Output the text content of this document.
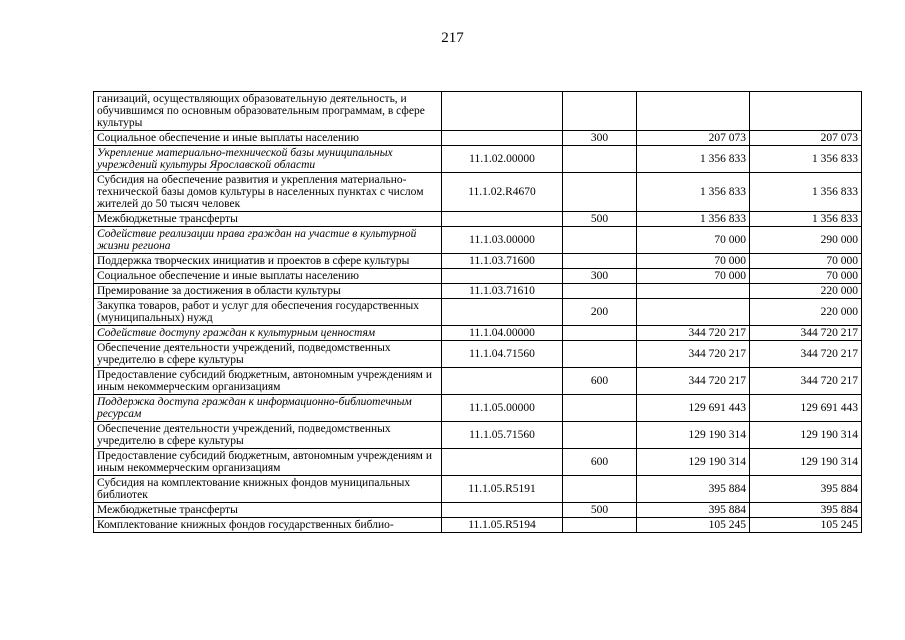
217
ганизаций, осуществляющих образовательную деятельность, и обучившимся по основным образовательным программам, в сфере культуры				
Социальное обеспечение и иные выплаты населению		300	207 073	207 073
Укрепление материально-технической базы муниципальных учреждений культуры Ярославской области	11.1.02.00000		1 356 833	1 356 833
Субсидия на обеспечение развития и укрепления материально-технической базы домов культуры в населенных пунктах с числом жителей до 50 тысяч человек	11.1.02.R4670		1 356 833	1 356 833
Межбюджетные трансферты		500	1 356 833	1 356 833
Содействие реализации права граждан на участие в культурной жизни региона	11.1.03.00000		70 000	290 000
Поддержка творческих инициатив и проектов в сфере культуры	11.1.03.71600		70 000	70 000
Социальное обеспечение и иные выплаты населению		300	70 000	70 000
Премирование за достижения в области культуры	11.1.03.71610			220 000
Закупка товаров, работ и услуг для обеспечения государственных (муниципальных) нужд		200		220 000
Содействие доступу граждан к культурным ценностям	11.1.04.00000		344 720 217	344 720 217
Обеспечение деятельности учреждений, подведомственных учредителю в сфере культуры	11.1.04.71560		344 720 217	344 720 217
Предоставление субсидий бюджетным, автономным учреждениям и иным некоммерческим организациям		600	344 720 217	344 720 217
Поддержка доступа граждан к информационно-библиотечным ресурсам	11.1.05.00000		129 691 443	129 691 443
Обеспечение деятельности учреждений, подведомственных учредителю в сфере культуры	11.1.05.71560		129 190 314	129 190 314
Предоставление субсидий бюджетным, автономным учреждениям и иным некоммерческим организациям		600	129 190 314	129 190 314
Субсидия на комплектование книжных фондов муниципальных библиотек	11.1.05.R5191		395 884	395 884
Межбюджетные трансферты		500	395 884	395 884
Комплектование книжных фондов государственных библио-	11.1.05.R5194		105 245	105 245
